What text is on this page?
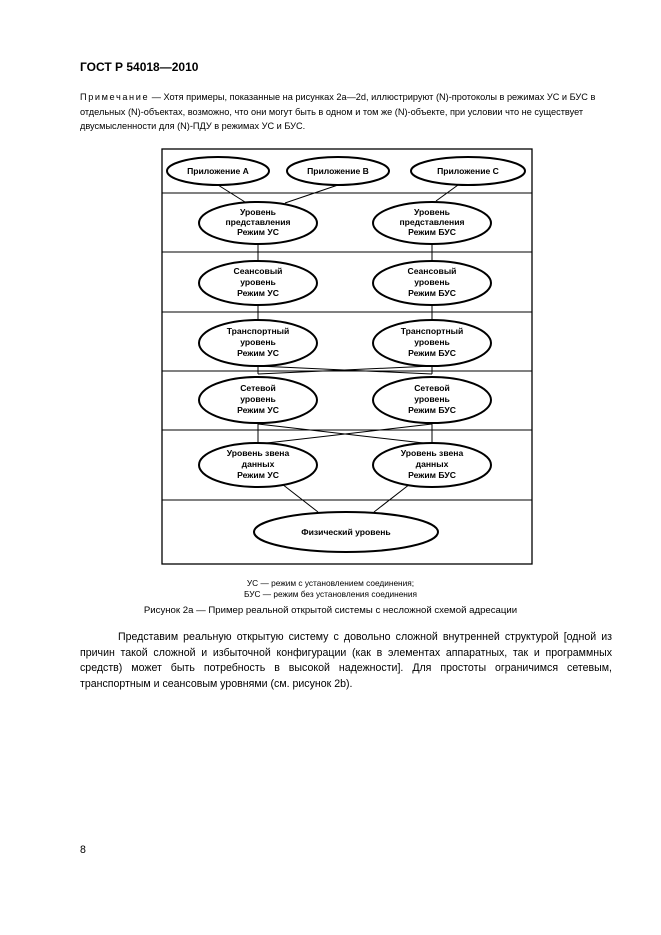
ГОСТ Р 54018—2010
Примечание — Хотя примеры, показанные на рисунках 2a—2d, иллюстрируют (N)-протоколы в режимах УС и БУС в отдельных (N)-объектах, возможно, что они могут быть в одном и том же (N)-объекте, при условии что не существует двусмысленности для (N)-ПДУ в режимах УС и БУС.
Приложение А	Приложение В	Приложение С
Уровень
представления
Режим УС
Уровень
представления
Режим БУС
Сеансовый
уровень
Режим УС
Сеансовый
уровень
Режим БУС
Транспортный
уровень
Режим УС
Транспортный
уровень
Режим БУС
Сетевой
уровень
Режим УС
Сетевой
уровень
Режим БУС
Уровень звена
данных
Режим УС
Уровень звена
данных
Режим БУС
Физический уровень
УС — режим с установлением соединения;
БУС — режим без установления соединения
Рисунок 2a — Пример реальной открытой системы с несложной схемой адресации
Представим реальную открытую систему с довольно сложной внутренней структурой [одной из причин такой сложной и избыточной конфигурации (как в элементах аппаратных, так и программных средств) может быть потребность в высокой надежности]. Для простоты ограничимся сетевым, транспортным и сеансовым уровнями (см. рисунок 2b).
8
